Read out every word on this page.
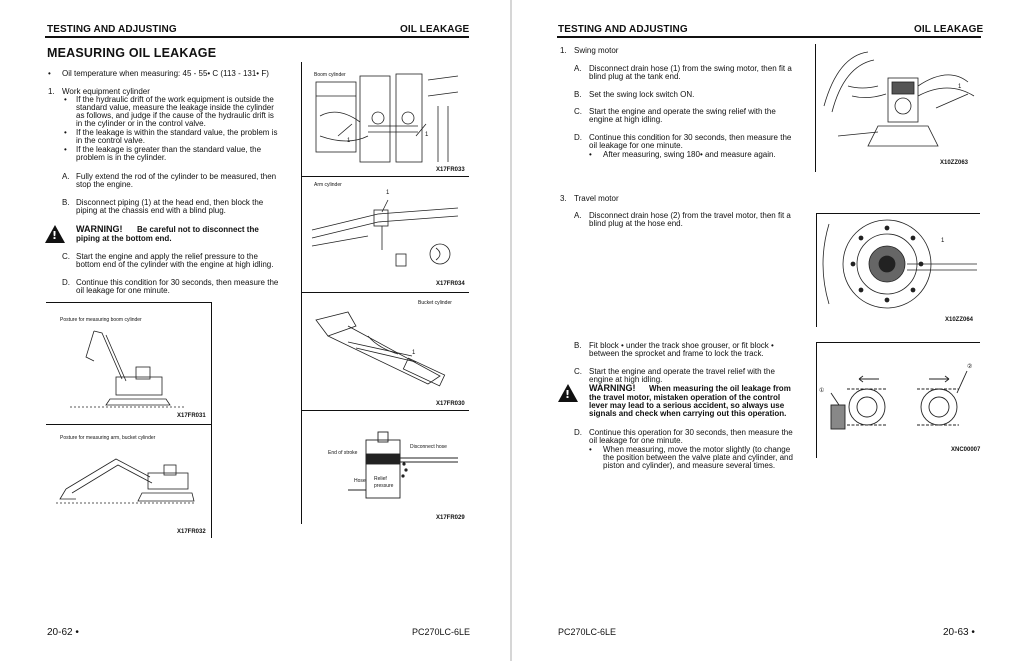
TESTING AND ADJUSTING	OIL LEAKAGE
MEASURING OIL LEAKAGE
• Oil temperature when measuring: 45 - 55• C (113 - 131• F)
1. Work equipment cylinder
• If the hydraulic drift of the work equipment is outside the
standard value, measure the leakage inside the cylinder
as follows, and judge if the cause of the hydraulic drift is
in the cylinder or in the control valve.
• If the leakage is within the standard value, the problem is
in the control valve.
• If the leakage is greater than the standard value, the
problem is in the cylinder.
A. Fully extend the rod of the cylinder to be measured, then
stop the engine.
B. Disconnect piping (1) at the head end, then block the
piping at the chassis end with a blind plug.
! WARNING! Be careful not to disconnect the
piping at the bottom end.
C. Start the engine and apply the relief pressure to the
bottom end of the cylinder with the engine at high idling.
D. Continue this condition for 30 seconds, then measure the
oil leakage for one minute.
Boom cylinder
1
1
X17FR033
Arm cylinder
1
X17FR034
Bucket cylinder
1
X17FR030
End of stroke
Disconnect hose
Hose Relief
pressure
X17FR029
Posture for measuring boom cylinder
X17FR031
Posture for measuring arm, bucket cylinder
X17FR032
20-62 •	PC270LC-6LE
TESTING AND ADJUSTING	OIL LEAKAGE
1. Swing motor
A. Disconnect drain hose (1) from the swing motor, then fit a
blind plug at the tank end.
B. Set the swing lock switch ON.
C. Start the engine and operate the swing relief with the
engine at high idling.
D. Continue this condition for 30 seconds, then measure the
oil leakage for one minute.
• After measuring, swing 180• and measure again.
3. Travel motor
A. Disconnect drain hose (2) from the travel motor, then fit a
blind plug at the hose end.
B. Fit block • under the track shoe grouser, or fit block •
between the sprocket and frame to lock the track.
C. Start the engine and operate the travel relief with the
engine at high idling.
! WARNING! When measuring the oil leakage from
the travel motor, mistaken operation of the control
lever may lead to a serious accident, so always use
signals and check when carrying out this operation.
D. Continue this operation for 30 seconds, then measure the
oil leakage for one minute.
• When measuring, move the motor slightly (to change
the position between the valve plate and cylinder, and
piston and cylinder), and measure several times.
1
X10ZZ063
1
X10ZZ064
①
②
XNC00007
PC270LC-6LE	20-63 •
